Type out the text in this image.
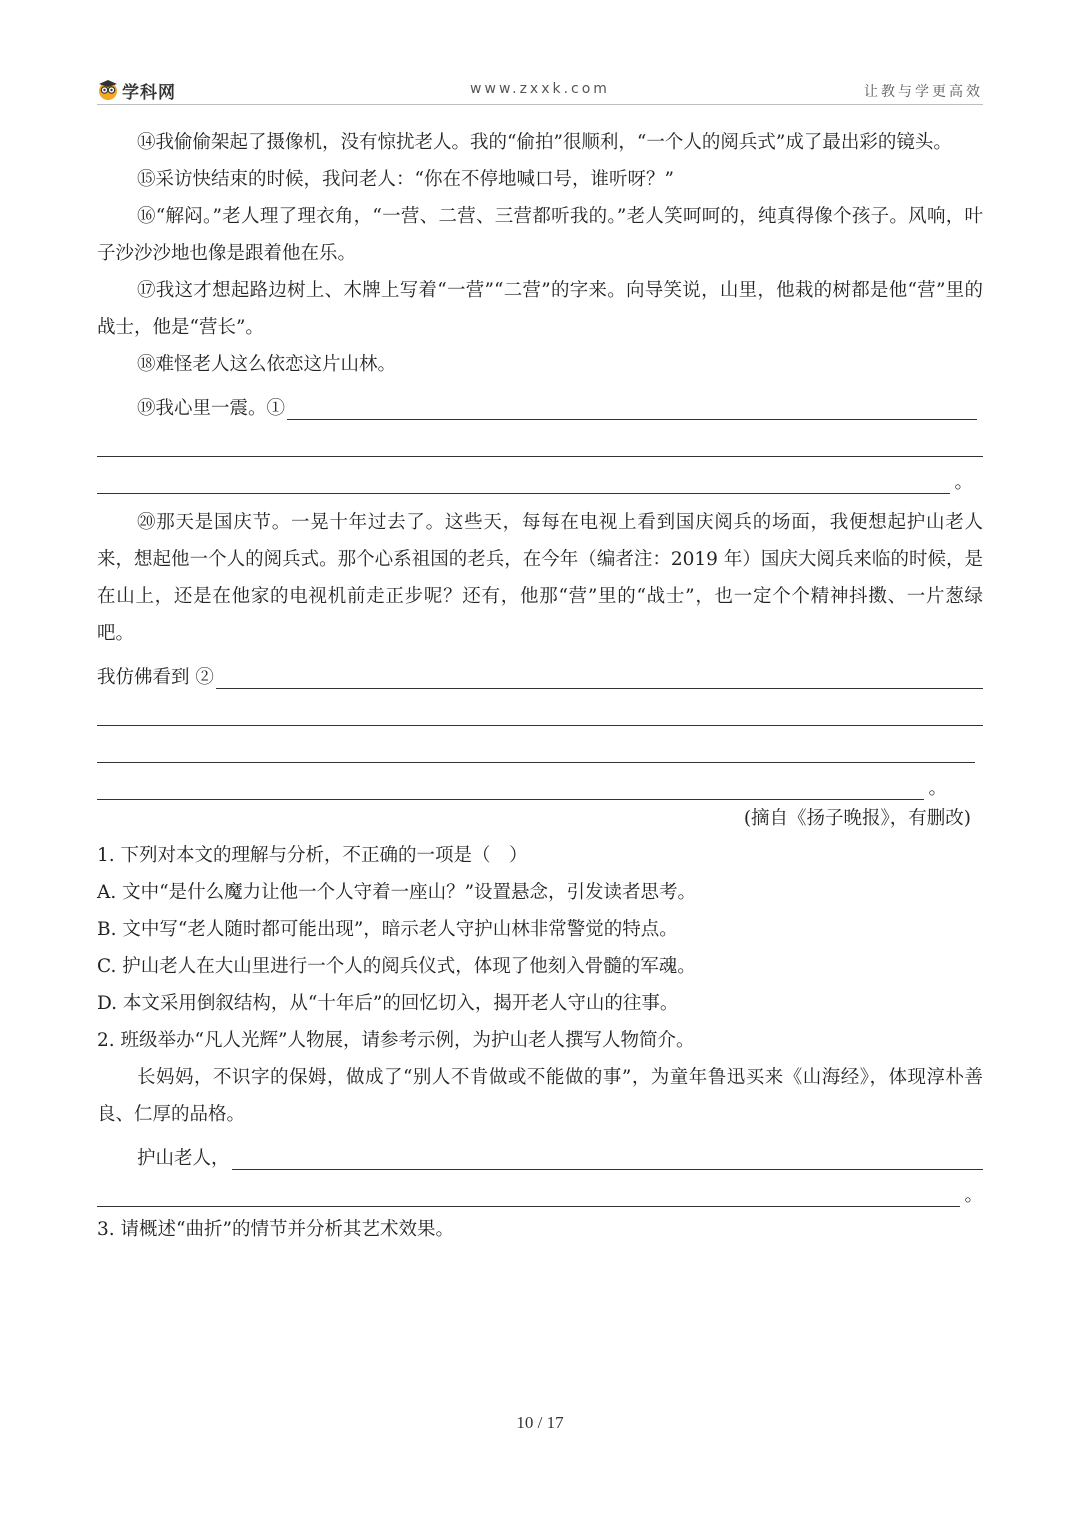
学科网	www.zxxk.com	让教与学更高效

⑭我偷偷架起了摄像机，没有惊扰老人。我的“偷拍”很顺利，“一个人的阅兵式”成了最出彩的镜头。

⑮采访快结束的时候，我问老人：“你在不停地喊口号，谁听呀？”

⑯“解闷。”老人理了理衣角，“一营、二营、三营都听我的。”老人笑呵呵的，纯真得像个孩子。风响，叶子沙沙沙地也像是跟着他在乐。

⑰我这才想起路边树上、木牌上写着“一营”“二营”的字来。向导笑说，山里，他栽的树都是他“营”里的战士，他是“营长”。

⑱难怪老人这么依恋这片山林。

⑲我心里一震。①
。

⑳那天是国庆节。一晃十年过去了。这些天，每每在电视上看到国庆阅兵的场面，我便想起护山老人来，想起他一个人的阅兵式。那个心系祖国的老兵，在今年（编者注：2019 年）国庆大阅兵来临的时候，是在山上，还是在他家的电视机前走正步呢？还有，他那“营”里的“战士”，也一定个个精神抖擞、一片葱绿吧。

我仿佛看到 ②
。
(摘自《扬子晚报》，有删改)

1. 下列对本文的理解与分析，不正确的一项是（　）

A. 文中“是什么魔力让他一个人守着一座山？”设置悬念，引发读者思考。

B. 文中写“老人随时都可能出现”，暗示老人守护山林非常警觉的特点。

C. 护山老人在大山里进行一个人的阅兵仪式，体现了他刻入骨髓的军魂。

D. 本文采用倒叙结构，从“十年后”的回忆切入，揭开老人守山的往事。

2. 班级举办“凡人光辉”人物展，请参考示例，为护山老人撰写人物简介。

长妈妈，不识字的保姆，做成了“别人不肯做或不能做的事”，为童年鲁迅买来《山海经》，体现淳朴善良、仁厚的品格。

护山老人，
。

3. 请概述“曲折”的情节并分析其艺术效果。

10 / 17
